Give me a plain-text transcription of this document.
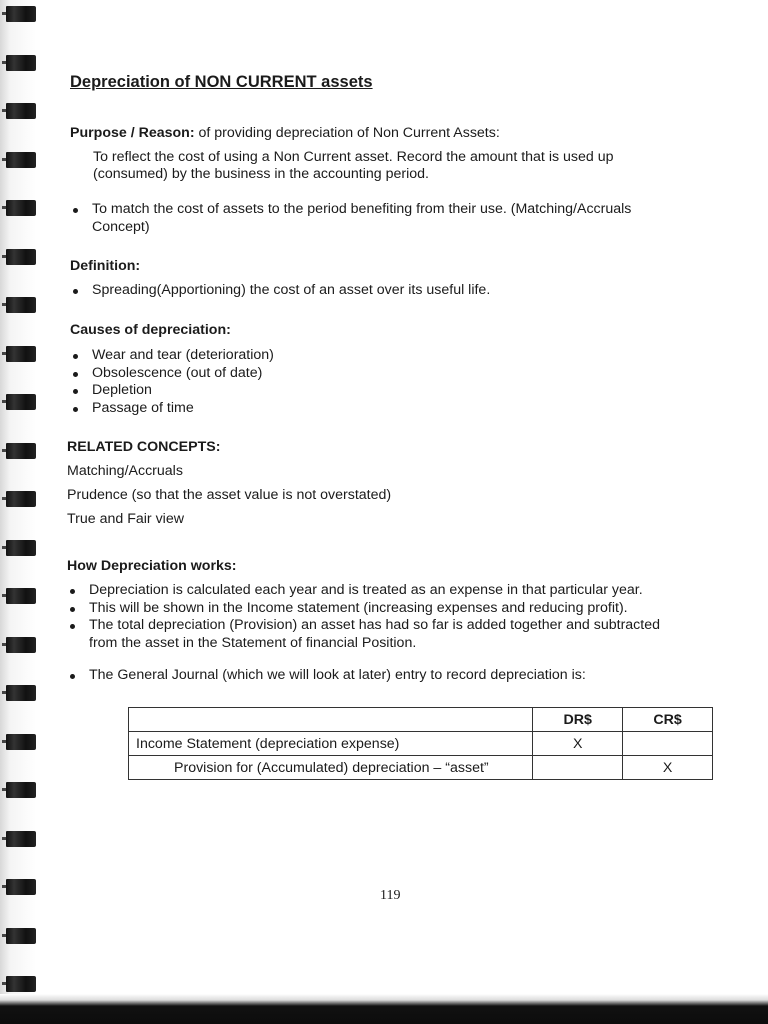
Depreciation of NON CURRENT assets
Purpose / Reason: of providing depreciation of Non Current Assets:
To reflect the cost of using a Non Current asset. Record the amount that is used up
(consumed) by the business in the accounting period.
To match the cost of assets to the period benefiting from their use. (Matching/Accruals
Concept)
Definition:
Spreading(Apportioning) the cost of an asset over its useful life.
Causes of depreciation:
Wear and tear (deterioration)
Obsolescence (out of date)
Depletion
Passage of time
RELATED CONCEPTS:
Matching/Accruals
Prudence (so that the asset value is not overstated)
True and Fair view
How Depreciation works:
Depreciation is calculated each year and is treated as an expense in that particular year.
This will be shown in the Income statement (increasing expenses and reducing profit).
The total depreciation (Provision) an asset has had so far is added together and subtracted
from the asset in the Statement of financial Position.
The General Journal (which we will look at later) entry to record depreciation is:
	DR$	CR$
Income Statement (depreciation expense)	X	
Provision for (Accumulated) depreciation – “asset”		X
119
